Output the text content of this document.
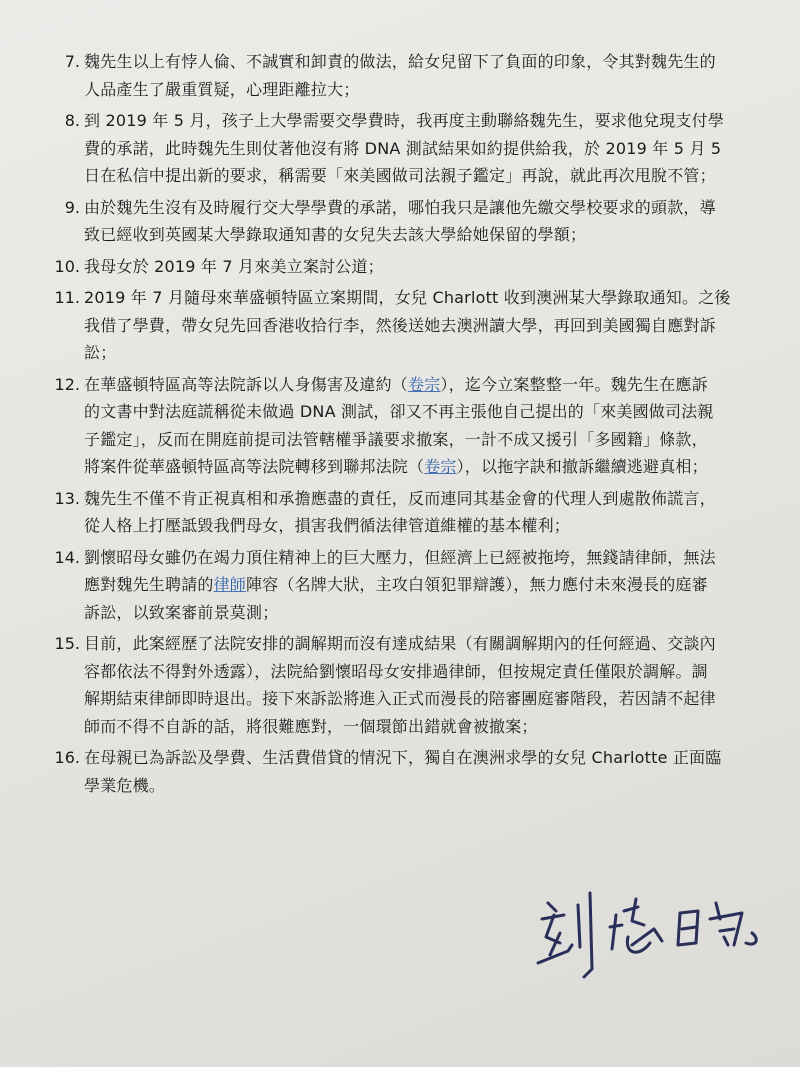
7. 魏先生以上有悖人倫、不誠實和卸責的做法，給女兒留下了負面的印象，令其對魏先生的
人品產生了嚴重質疑，心理距離拉大；
8. 到 2019 年 5 月，孩子上大學需要交學費時，我再度主動聯絡魏先生，要求他兌現支付學
費的承諾，此時魏先生則仗著他沒有將 DNA 測試結果如約提供給我，於 2019 年 5 月 5
日在私信中提出新的要求，稱需要「來美國做司法親子鑑定」再說，就此再次甩脫不管；
9. 由於魏先生沒有及時履行交大學學費的承諾，哪怕我只是讓他先繳交學校要求的頭款，導
致已經收到英國某大學錄取通知書的女兒失去該大學給她保留的學額；
10. 我母女於 2019 年 7 月來美立案討公道；
11. 2019 年 7 月隨母來華盛頓特區立案期間，女兒 Charlott 收到澳洲某大學錄取通知。之後
我借了學費，帶女兒先回香港收拾行李，然後送她去澳洲讀大學，再回到美國獨自應對訴
訟；
12. 在華盛頓特區高等法院訴以人身傷害及違約（卷宗），迄今立案整整一年。魏先生在應訴
的文書中對法庭謊稱從未做過 DNA 測試，卻又不再主張他自己提出的「來美國做司法親
子鑑定」，反而在開庭前提司法管轄權爭議要求撤案，一計不成又援引「多國籍」條款，
將案件從華盛頓特區高等法院轉移到聯邦法院（卷宗），以拖字訣和撤訴繼續逃避真相；
13. 魏先生不僅不肯正視真相和承擔應盡的責任，反而連同其基金會的代理人到處散佈謊言，
從人格上打壓詆毀我們母女，損害我們循法律管道維權的基本權利；
14. 劉懷昭母女雖仍在竭力頂住精神上的巨大壓力，但經濟上已經被拖垮，無錢請律師，無法
應對魏先生聘請的律師陣容（名牌大狀，主攻白領犯罪辯護），無力應付未來漫長的庭審
訴訟，以致案審前景莫測；
15. 目前，此案經歷了法院安排的調解期而沒有達成結果（有關調解期內的任何經過、交談內
容都依法不得對外透露），法院給劉懷昭母女安排過律師，但按規定責任僅限於調解。調
解期結束律師即時退出。接下來訴訟將進入正式而漫長的陪審團庭審階段，若因請不起律
師而不得不自訴的話，將很難應對，一個環節出錯就會被撤案；
16. 在母親已為訴訟及學費、生活費借貸的情況下，獨自在澳洲求學的女兒 Charlotte 正面臨
學業危機。
